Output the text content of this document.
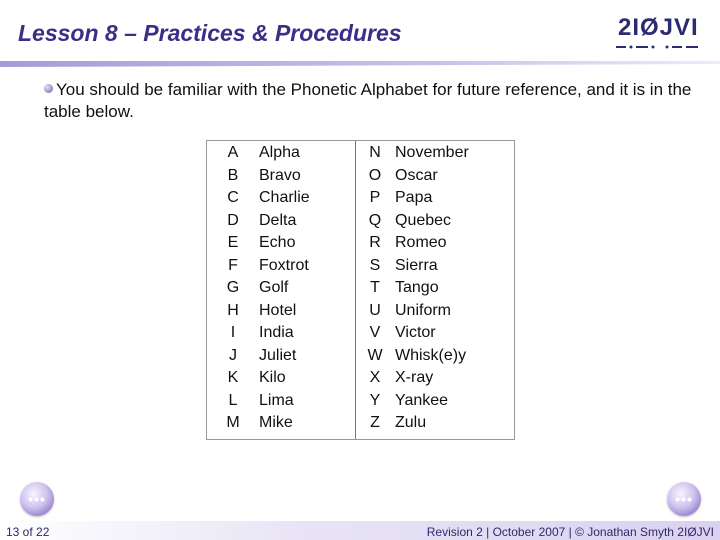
Lesson 8 – Practices & Procedures	2IØJVI
You should be familiar with the Phonetic Alphabet for future reference, and it is in the table below.
A	Alpha	N	November
B	Bravo	O	Oscar
C	Charlie	P	Papa
D	Delta	Q	Quebec
E	Echo	R	Romeo
F	Foxtrot	S	Sierra
G	Golf	T	Tango
H	Hotel	U	Uniform
I	India	V	Victor
J	Juliet	W	Whisk(e)y
K	Kilo	X	X-ray
L	Lima	Y	Yankee
M	Mike	Z	Zulu
•••	•••
13 of 22	Revision 2 | October 2007 | © Jonathan Smyth 2IØJVI
